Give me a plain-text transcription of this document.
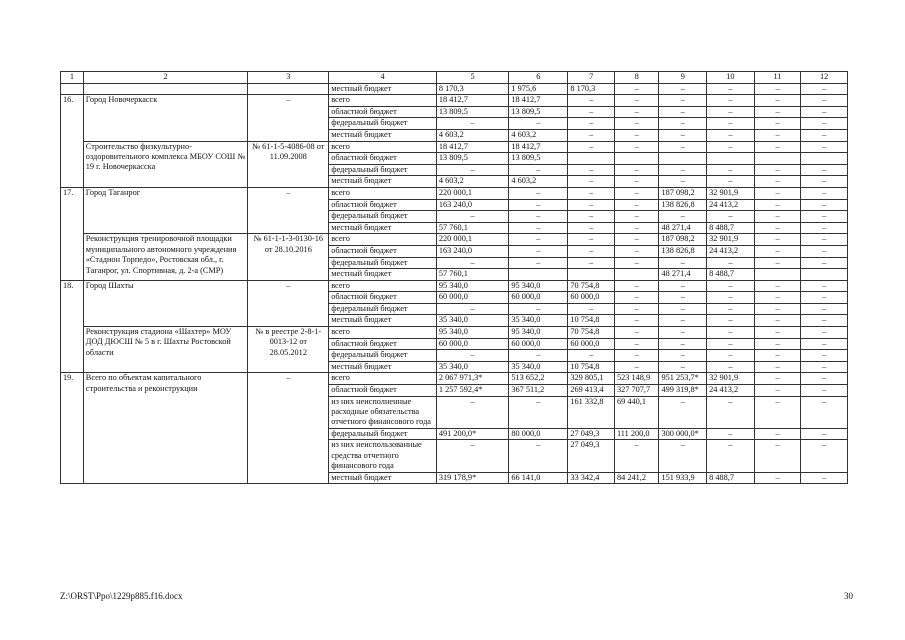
1	2	3	4	5	6	7	8	9	10	11	12
			местный бюджет	8 170,3	1 975,6	8 170,3	–	–	–	–	–
16.	Город Новочеркасск	–	всего	18 412,7	18 412,7	–	–	–	–	–	–
			областной бюджет	13 809,5	13 809,5	–	–	–	–	–	–
			федеральный бюджет	–	–	–	–	–	–	–	–
			местный бюджет	4 603,2	4 603,2	–	–	–	–	–	–
	Строительство физкультурно-оздоровительного комплекса МБОУ СОШ № 19 г. Новочеркасска	№ 61-1-5-4086-08 от 11.09.2008	всего	18 412,7	18 412,7	–	–	–	–	–	–
			областной бюджет	13 809,5	13 809,5						
			федеральный бюджет	–	–	–	–	–	–	–	–
			местный бюджет	4 603,2	4 603,2	–	–	–	–	–	–
17.	Город Таганрог	–	всего	220 000,1	–	–	–	187 098,2	32 901,9	–	–
			областной бюджет	163 240,0	–	–	–	138 826,8	24 413,2	–	–
			федеральный бюджет	–	–	–	–	–	–	–	–
			местный бюджет	57 760,1	–	–	–	48 271,4	8 488,7	–	–
	Реконструкция тренировочной площадки муниципального автономного учреждения «Стадион Торпедо», Ростовская обл., г. Таганрог, ул. Спортивная, д. 2-а (СМР)	№ 61-1-1-3-0130-16 от 28.10.2016	всего	220 000,1	–	–	–	187 098,2	32 901,9	–	–
			областной бюджет	163 240,0	–	–	–	138 826,8	24 413,2	–	–
			федеральный бюджет	–	–	–	–	–	–	–	–
			местный бюджет	57 760,1				48 271,4	8 488,7		
18.	Город Шахты	–	всего	95 340,0	95 340,0	70 754,8	–	–	–	–	–
			областной бюджет	60 000,0	60 000,0	60 000,0	–	–	–	–	–
			федеральный бюджет	–	–	–	–	–	–	–	–
			местный бюджет	35 340,0	35 340,0	10 754,8	–	–	–	–	–
	Реконструкция стадиона «Шахтер» МОУ ДОД ДЮСШ № 5 в г. Шахты Ростовской области	№ в реестре 2-8-1-0013-12 от 28.05.2012	всего	95 340,0	95 340,0	70 754,8	–	–	–	–	–
			областной бюджет	60 000,0	60 000,0	60 000,0	–	–	–	–	–
			федеральный бюджет	–	–	–	–	–	–	–	–
			местный бюджет	35 340,0	35 340,0	10 754,8	–	–	–	–	–
19.	Всего по объектам капитального строительства и реконструкции	–	всего	2 067 971,3*	513 652,2	329 805,1	523 148,9	951 253,7*	32 901,9	–	–
			областной бюджет	1 257 592,4*	367 511,2	269 413,4	327 707,7	499 319,8*	24 413,2	–	–
			из них неисполненные расходные обязательства отчетного финансового года	–	–	161 332,8	69 440,1	–	–	–	–
			федеральный бюджет	491 200,0*	80 000,0	27 049,3	111 200,0	300 000,0*	–	–	–
			из них неиспользованные средства отчетного финансового года	–	–	27 049,3	–	–	–	–	–
			местный бюджет	319 178,9*	66 141,0	33 342,4	84 241,2	151 933,9	8 488,7	–	–
Z:\ORST\Ppo\1229p885.f16.docx	30
